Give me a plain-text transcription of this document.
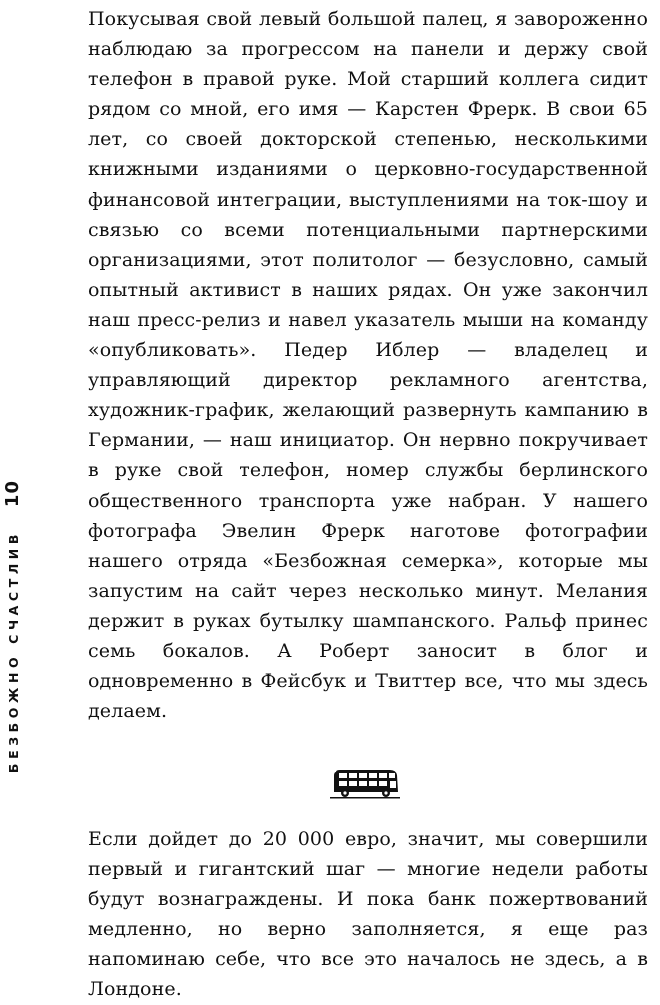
10
БЕЗБОЖНО СЧАСТЛИВ

Покусывая свой левый большой палец, я завороженно наблюдаю за прогрессом на панели и держу свой телефон в правой руке. Мой старший коллега сидит рядом со мной, его имя — Карстен Фрерк. В свои 65 лет, со своей докторской степенью, несколькими книжными изданиями о церковно-государственной финансовой интеграции, выступлениями на ток-шоу и связью со всеми потенциальными партнерскими организациями, этот политолог — безусловно, самый опытный активист в наших рядах. Он уже закончил наш пресс-релиз и навел указатель мыши на команду «опубликовать». Педер Иблер — владелец и управляющий директор рекламного агентства, художник-график, желающий развернуть кампанию в Германии, — наш инициатор. Он нервно покручивает в руке свой телефон, номер службы берлинского общественного транспорта уже набран. У нашего фотографа Эвелин Фрерк наготове фотографии нашего отряда «Безбожная семерка», которые мы запустим на сайт через несколько минут. Мелания держит в руках бутылку шампанского. Ральф принес семь бокалов. А Роберт заносит в блог и одновременно в Фейсбук и Твиттер все, что мы здесь делаем.

Если дойдет до 20 000 евро, значит, мы совершили первый и гигантский шаг — многие недели работы будут вознаграждены. И пока банк пожертвований медленно, но верно заполняется, я еще раз напоминаю себе, что все это началось не здесь, а в Лондоне.
